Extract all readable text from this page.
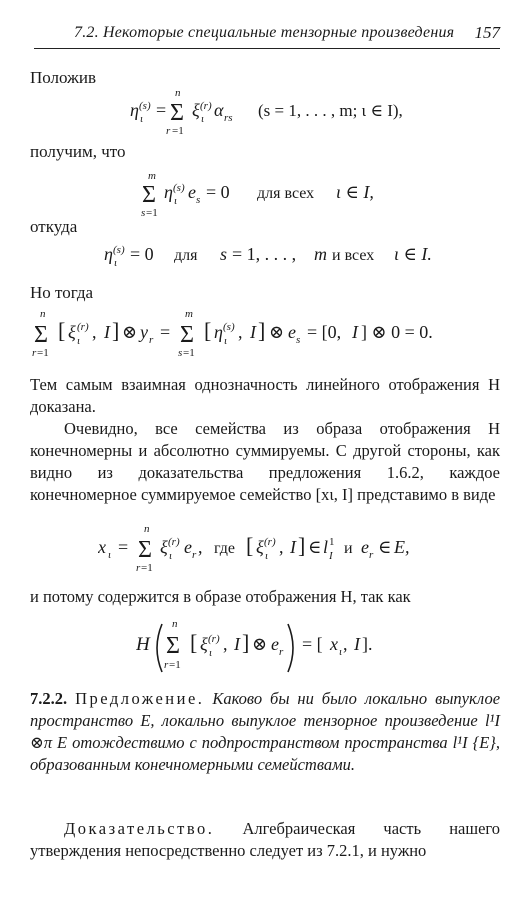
7.2. Некоторые специальные тензорные произведения 157
Положив
η (s)
ι =
n
Σ
r =1
ξ (r)
ι α rs (s = 1, . . . , m; ι ∈ I),
получим, что
m
Σ
s =1
η (s)
ι e s = 0 для всех ι ∈ I,
откуда
η (s)
ι = 0 для s = 1, . . . , m и всех ι ∈ I.
Но тогда
n
Σ
r =1
[ ξ (r)
ι , I ] ⊗ y r =
m
Σ
s =1
[ η (s)
ι , I ] ⊗ e s = [0, I ] ⊗ 0 = 0.
Тем самым взаимная однозначность линейного отображения H доказана.
Очевидно, все семейства из образа отображения H конечномерны и абсолютно суммируемы. С другой стороны, как видно из доказательства предложения 1.6.2, каждое конечномерное суммируемое семейство [xι, I] представимо в виде
x ι =
n
Σ
r =1
ξ (r)
ι e r , где [ ξ (r)
ι , I ] ∈ l 1
I и e r ∈ E,
и потому содержится в образе отображения H, так как
H
n
Σ
r =1
[ ξ (r)
ι , I ] ⊗ e r = [ x ι , I ].
7.2.2. Предложение. Каково бы ни было локально выпуклое пространство E, локально выпуклое тензорное произведение l¹I ⊗π E отождествимо с подпространством пространства l¹I {E}, образованным конечномерными семействами.
Доказательство. Алгебраическая часть нашего утверждения непосредственно следует из 7.2.1, и нужно
